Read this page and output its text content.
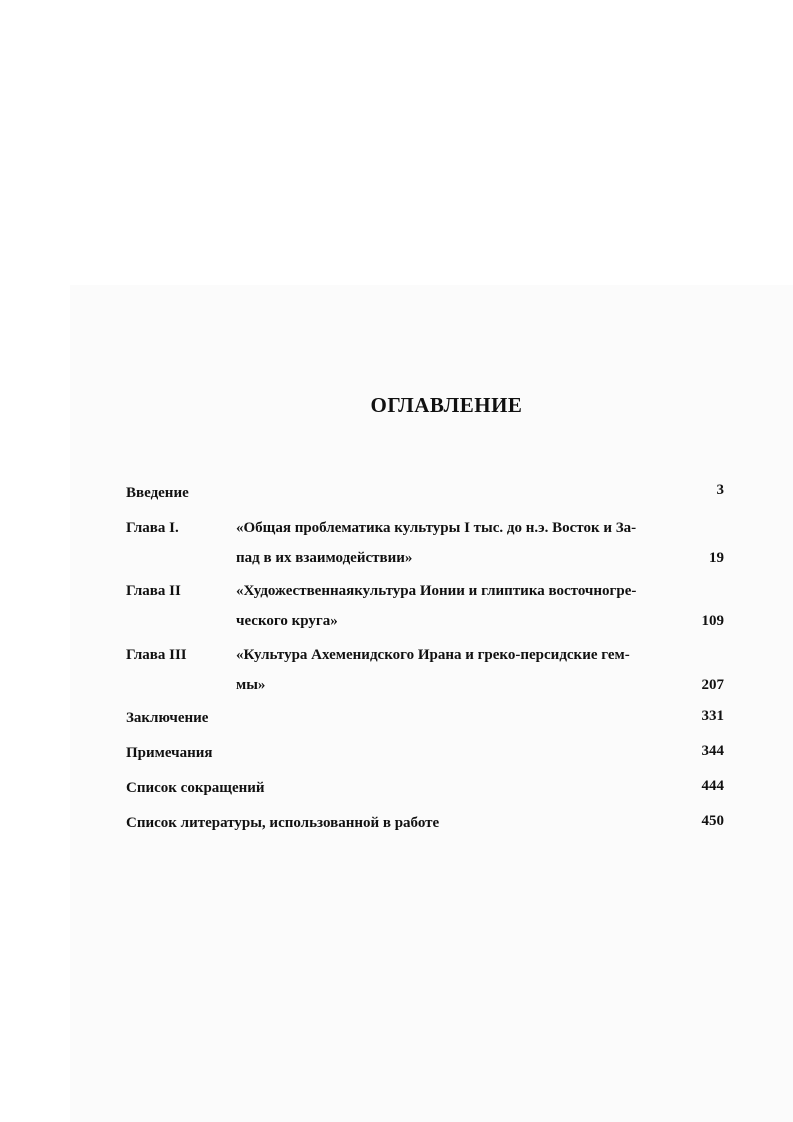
ОГЛАВЛЕНИЕ
Введение	3
Глава I.	«Общая проблематика культуры I тыс. до н.э. Восток и За-
пад в их взаимодействии»	19
Глава II	«Художественнаякультура Ионии и глиптика восточногре-
ческого круга»	109
Глава III	«Культура Ахеменидского Ирана и греко-персидские гем-
мы»	207
Заключение	331
Примечания	344
Список сокращений	444
Список литературы, использованной в работе	450
